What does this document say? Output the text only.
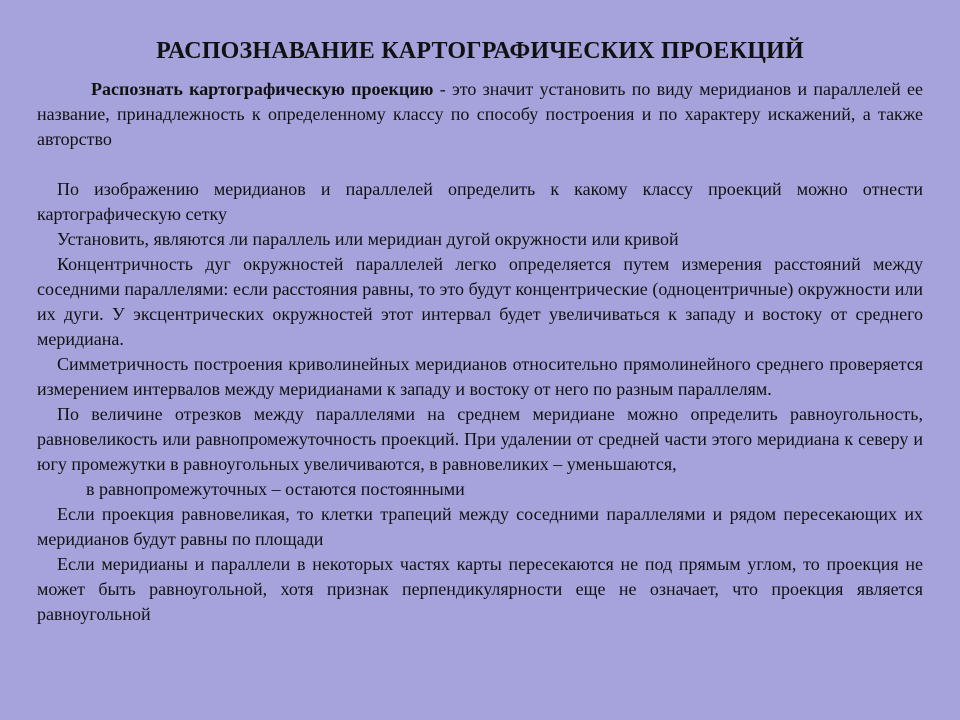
РАСПОЗНАВАНИЕ КАРТОГРАФИЧЕСКИХ ПРОЕКЦИЙ

Распознать картографическую проекцию - это значит установить по виду меридианов и параллелей ее название, принадлежность к определенному классу по способу построения и по характеру искажений, а также авторство

По изображению меридианов и параллелей определить к какому классу проекций можно отнести картографическую сетку

Установить, являются ли параллель или меридиан дугой окружности или кривой

Концентричность дуг окружностей параллелей легко определяется путем измерения расстояний между соседними параллелями: если расстояния равны, то это будут концентрические (одноцентричные) окружности или их дуги. У эксцентрических окружностей этот интервал будет увеличиваться к западу и востоку от среднего меридиана.

Симметричность построения криволинейных меридианов относительно прямолинейного среднего проверяется измерением интервалов между меридианами к западу и востоку от него по разным параллелям.

По величине отрезков между параллелями на среднем меридиане можно определить равноугольность, равновеликость или равнопромежуточность проекций. При удалении от средней части этого меридиана к северу и югу промежутки в равноугольных увеличиваются, в равновеликих – уменьшаются,

в равнопромежуточных – остаются постоянными

Если проекция равновеликая, то клетки трапеций между соседними параллелями и рядом пересекающих их меридианов будут равны по площади

Если меридианы и параллели в некоторых частях карты пересекаются не под прямым углом, то проекция не может быть равноугольной, хотя признак перпендикулярности еще не означает, что проекция является равноугольной
